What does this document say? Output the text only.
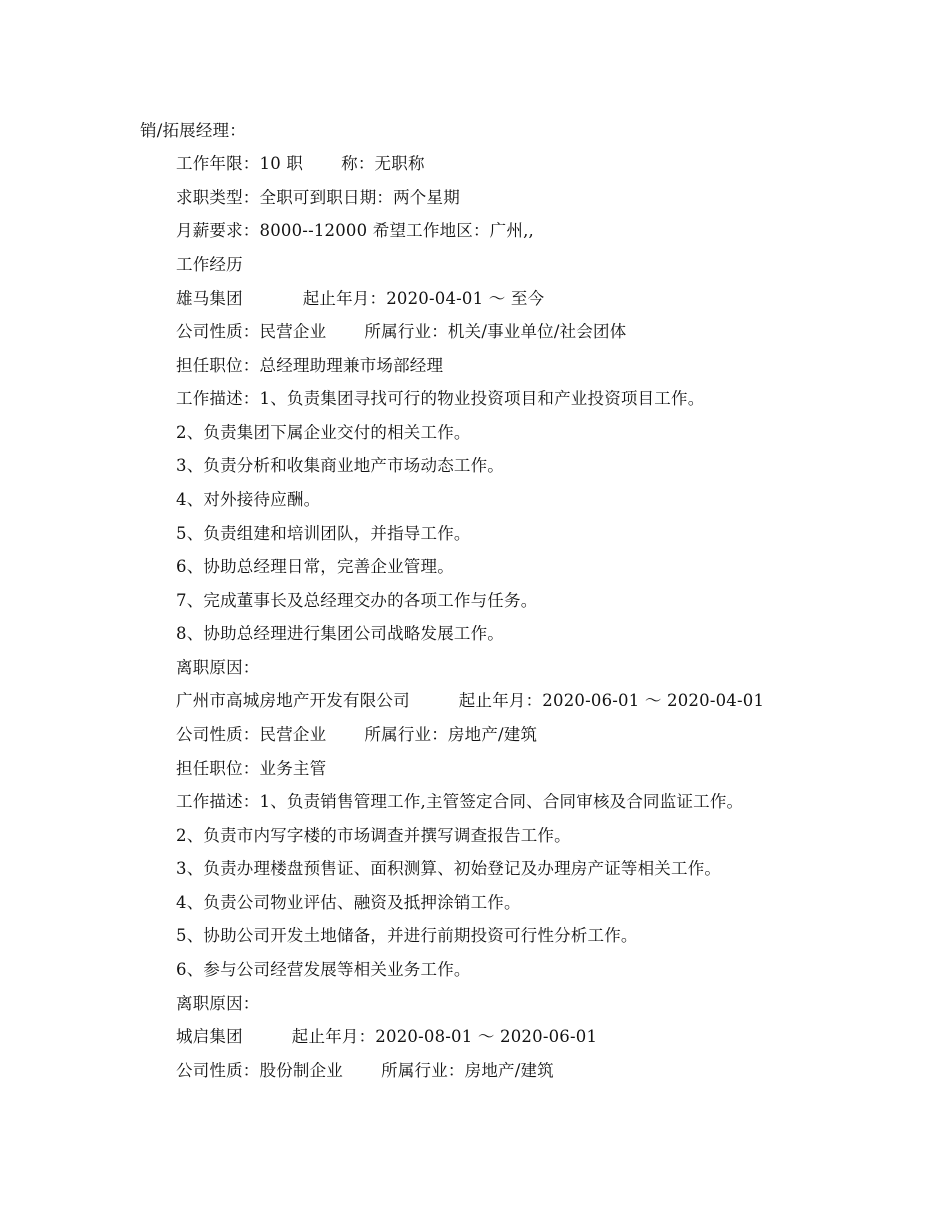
销/拓展经理：
工作年限：10 职       称：无职称
求职类型：全职可到职日期：两个星期
月薪要求：8000--12000 希望工作地区：广州,,
工作经历
雄马集团           起止年月：2020-04-01 ～ 至今
公司性质：民营企业       所属行业：机关/事业单位/社会团体
担任职位：总经理助理兼市场部经理
工作描述：1、负责集团寻找可行的物业投资项目和产业投资项目工作。
2、负责集团下属企业交付的相关工作。
3、负责分析和收集商业地产市场动态工作。
4、对外接待应酬。
5、负责组建和培训团队，并指导工作。
6、协助总经理日常，完善企业管理。
7、完成董事长及总经理交办的各项工作与任务。
8、协助总经理进行集团公司战略发展工作。
离职原因：
广州市高城房地产开发有限公司         起止年月：2020-06-01 ～ 2020-04-01
公司性质：民营企业       所属行业：房地产/建筑
担任职位：业务主管
工作描述：1、负责销售管理工作,主管签定合同、合同审核及合同监证工作。
2、负责市内写字楼的市场调查并撰写调查报告工作。
3、负责办理楼盘预售证、面积测算、初始登记及办理房产证等相关工作。
4、负责公司物业评估、融资及抵押涂销工作。
5、协助公司开发土地储备，并进行前期投资可行性分析工作。
6、参与公司经营发展等相关业务工作。
离职原因：
城启集团         起止年月：2020-08-01 ～ 2020-06-01
公司性质：股份制企业       所属行业：房地产/建筑
